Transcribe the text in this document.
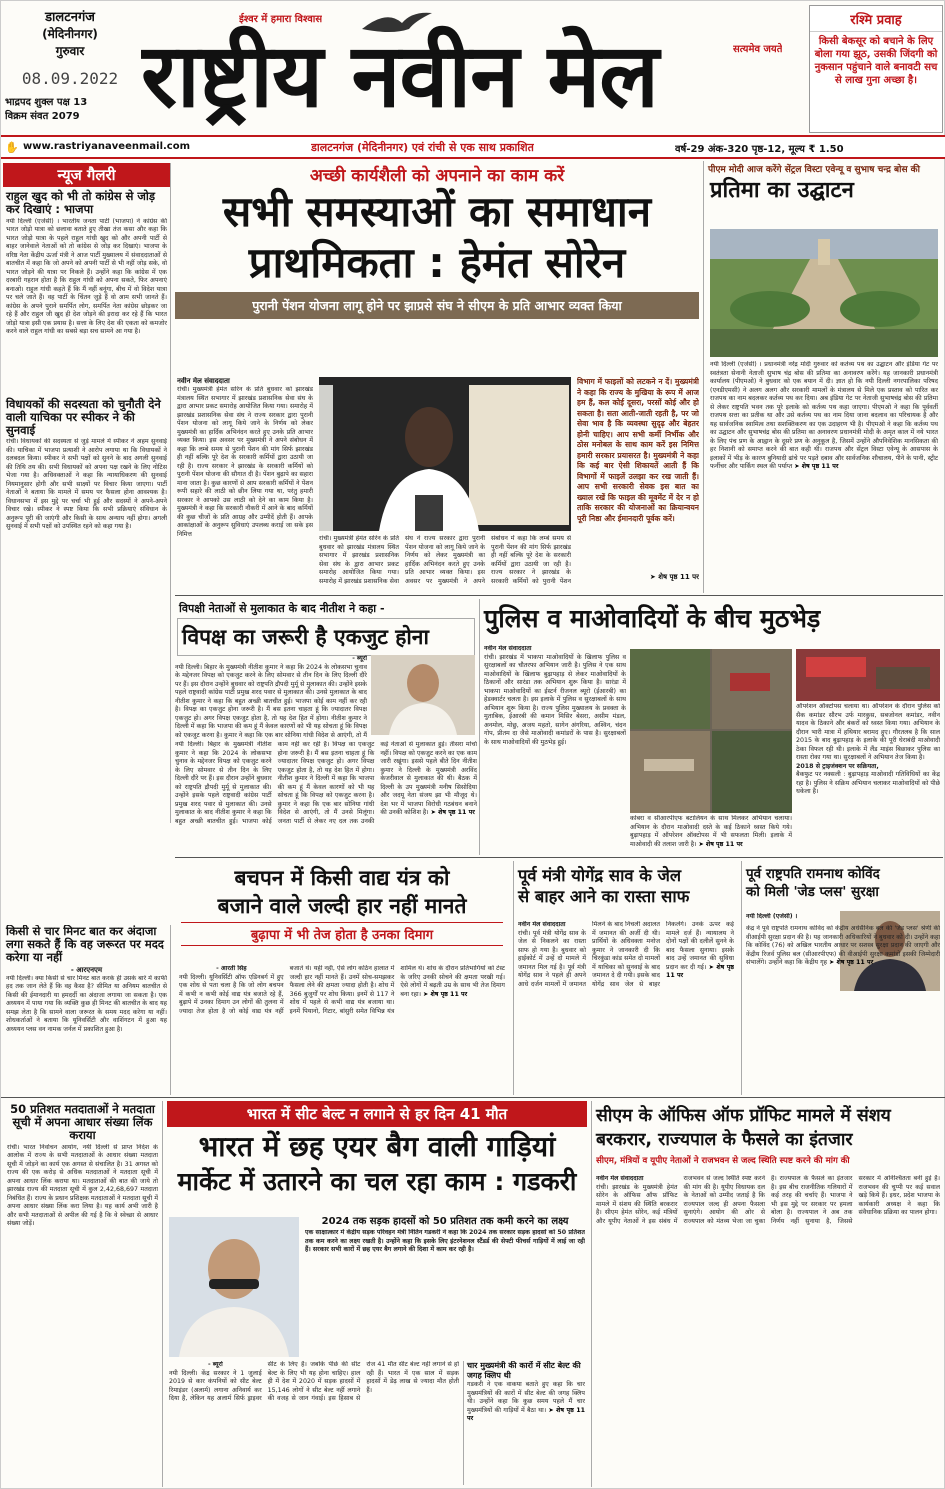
डालटनगंज
(मेदिनीनगर)
गुरुवार
08.09.2022
भाद्रपद शुक्ल पक्ष 13
विक्रम संवत 2079
ईश्वर में हमारा विश्वास
राष्ट्रीय नवीन मेल	सत्यमेव जयते
रश्मि प्रवाह
किसी बेकसूर को बचाने के लिए बोला गया झूठ, उसकी जिंदगी को नुकसान पहुंचाने वाले बनावटी सच से लाख गुना अच्छा है।
✋ www.rastriyanaveenmail.com	डालटनगंज (मेदिनीनगर) एवं रांची से एक साथ प्रकाशित	वर्ष-29 अंक-320 पृष्ठ-12, मूल्य ₹ 1.50
न्यूज गैलरी
राहुल खुद को भी तो कांग्रेस से जोड़ कर दिखाएं : भाजपा
नयी दिल्ली (एजेंसी) । भारतीय जनता पार्टी (भाजपा) ने कांग्रेस की भारत जोड़ो यात्रा को छलावा बताते हुए तीखा तंज कसा और कहा कि भारत जोड़ो यात्रा के पहले राहुल गांधी खुद को और अपनी पार्टी से बाहर जानेवाले नेताओं को तो कांग्रेस से जोड़ कर दिखाएं। भाजपा के वरिष्ठ नेता केंद्रीय ऊर्जा मंत्री ने आज पार्टी मुख्यालय में संवाददाताओं से बातचीत में कहा कि जो अपने को अपनी पार्टी से भी नहीं जोड़ सके, वो भारत जोड़ने की यात्रा पर निकले हैं। उन्होंने कहा कि कांग्रेस में एक दरबारी गहरान होता है कि राहुल गांधी को अपना सकते, फिर अपनाएं बनाओ। राहुल गांधी कहते हैं कि मैं नहीं बनूंगा, बीच में वो विदेश यात्रा पर चले जाते हैं। वह पार्टी के चिंतन जुड़े हैं वो आम सभी जानते हैं। कांग्रेस के अपने पुराने समर्पित लोग, समर्पित नेता कांग्रेस छोड़कर जा रहे हैं और राहुल जी खुद ही देश जोड़ने की इरादा कर रहे हैं कि भारत जोड़ो यात्रा इसी एक प्रयास है। सत्ता के लिए देश की एकता को कमजोर करने वाले राहुल गांधी का सबसे बड़ा सच सामने आ गया है।
विधायकों की सदस्यता को चुनौती देने वाली याचिका पर स्पीकर ने की सुनवाई
रांची। विधायकों की सदस्यता से जुड़े मामले में स्पीकर ने अहम सुनवाई की। याचिका में भाजपा प्रत्याशी ने आरोप लगाया था कि विधायकों ने दलबदल किया। स्पीकर ने सभी पक्षों को सुनने के बाद अगली सुनवाई की तिथि तय की। सभी विधायकों को अपना पक्ष रखने के लिए नोटिस भेजा गया है। अधिवक्ताओं ने कहा कि न्यायाधिकरण की सुनवाई नियमानुसार होगी और सभी साक्ष्यों पर विचार किया जाएगा। पार्टी नेताओं ने बताया कि मामले में समय पर फैसला होना आवश्यक है। विधानसभा में इस मुद्दे पर चर्चा भी हुई और सदस्यों ने अपने-अपने विचार रखे। स्पीकर ने स्पष्ट किया कि सभी प्रक्रियाएं संविधान के अनुरूप पूरी की जाएंगी और किसी के साथ अन्याय नहीं होगा। अगली सुनवाई में सभी पक्षों को उपस्थित रहने को कहा गया है।
किसी से चार मिनट बात कर अंदाजा लगा सकते हैं कि वह जरूरत पर मदद करेगा या नहीं
- आरएनएम
नयी दिल्ली। क्या किसी से चार मिनट बात करके ही उसके बारे में काफी हद तक जान लेते हैं कि वह कैसा है? सीमित या अनियम बातचीत से किसी की ईमानदारी या हमदर्दी का अंदाजा लगाया जा सकता है। एक अध्ययन में पाया गया कि व्यक्ति कुछ ही मिनट की बातचीत के बाद यह समझ लेता है कि सामने वाला जरूरत के समय मदद करेगा या नहीं। शोधकर्ताओं ने बताया कि यूनिवर्सिटी और वाशिंगटन में हुआ यह अध्ययन प्लस वन नामक जर्नल में प्रकाशित हुआ है।
अच्छी कार्यशैली को अपनाने का काम करें
सभी समस्याओं का समाधान
प्राथमिकता : हेमंत सोरेन
पुरानी पेंशन योजना लागू होने पर झाप्रसे संघ ने सीएम के प्रति आभार व्यक्त किया
नवीन मेल संवाददाता
रांची। मुख्यमंत्री हेमंत सोरेन के प्रति बुधवार को झारखंड मंत्रालय स्थित सभागार में झारखंड प्रशासनिक सेवा संघ के द्वारा आभार प्रकट समारोह आयोजित किया गया। समारोह में झारखंड प्रशासनिक सेवा संघ ने राज्य सरकार द्वारा पुरानी पेंशन योजना को लागू किये जाने के निर्णय को लेकर मुख्यमंत्री का हार्दिक अभिनंदन करते हुए उनके प्रति आभार व्यक्त किया। इस अवसर पर मुख्यमंत्री ने अपने संबोधन में कहा कि लम्बे समय से पुरानी पेंशन की मांग सिर्फ झारखंड ही नहीं बल्कि पूरे देश के सरकारी कर्मियों द्वारा उठायी जा रही है। राज्य सरकार ने झारखंड के सरकारी कर्मियों को पुरानी पेंशन योजना की सौगात दी है। पेंशन बुढ़ापे का सहारा माना जाता है। कुछ कारणों से आप सरकारी कर्मियों ने पेंशन रूपी सहारे की लाठी को छीन लिया गया था, परंतु हमारी सरकार ने आपको उस लाठी को देने का काम किया है। मुख्यमंत्री ने कहा कि सरकारी नौकरी में आने के बाद कर्मियों की कुछ चीजों के प्रति आग्रह और उम्मीदें होती हैं। आपके आकांक्षाओं के अनुरूप सुविधाएं उपलब्ध कराई जा सके इस निमित्त
रांची। मुख्यमंत्री हेमंत सोरेन के प्रति बुधवार को झारखंड मंत्रालय स्थित सभागार में झारखंड प्रशासनिक सेवा संघ के द्वारा आभार प्रकट समारोह आयोजित किया गया। समारोह में झारखंड प्रशासनिक सेवा संघ ने राज्य सरकार द्वारा पुरानी पेंशन योजना को लागू किये जाने के निर्णय को लेकर मुख्यमंत्री का हार्दिक अभिनंदन करते हुए उनके प्रति आभार व्यक्त किया। इस अवसर पर मुख्यमंत्री ने अपने संबोधन में कहा कि लम्बे समय से पुरानी पेंशन की मांग सिर्फ झारखंड ही नहीं बल्कि पूरे देश के सरकारी कर्मियों द्वारा उठायी जा रही है। राज्य सरकार ने झारखंड के सरकारी कर्मियों को पुरानी पेंशन
विभाग में फाइलों को लटकने न दें। मुख्यमंत्री ने कहा कि राज्य के मुखिया के रूप में आज हम हैं, कल कोई दूसरा, परसों कोई और हो सकता है। सता आती-जाती रहती है, पर जो सेवा भाव है कि व्यवस्था सुदृढ़ और बेहतर होनी चाहिए। आप सभी कर्मी निर्भीक और ठोस मनोबल के साथ काम करें इस निमित्त हमारी सरकार प्रयासरत है। मुख्यमंत्री ने कहा कि कई बार ऐसी शिकायतें आती हैं कि विभागों में फाइलें उलझा कर रख जाती हैं। आप सभी सरकारी सेवक इस बात का ख्याल रखें कि फाइल की मूवमेंट में देर न हो ताकि सरकार की योजनाओं का क्रियान्वयन पूरी निष्ठा और ईमानदारी पूर्वक करें।
➤ शेष पृष्ठ 11 पर
पीएम मोदी आज करेंगे सेंट्रल विस्टा एवेन्यू व सुभाष चन्द्र बोस की
प्रतिमा का उद्घाटन
नयी दिल्ली (एजेंसी) । प्रधानमंत्री नरेंद्र मोदी गुरुवार को कर्तव्य पथ का उद्घाटन और इंडिया गेट पर स्वतंत्रता सेनानी नेताजी सुभाष चंद्र बोस की प्रतिमा का अनावरण करेंगे। यह जानकारी प्रधानमंत्री कार्यालय (पीएमओ) ने बुधवार को एक बयान में दी। ज्ञात हो कि नयी दिल्ली नगरपालिका परिषद (एनडीएमसी) ने अलग अलग और सरकारी मामलों के मंत्रालय से मिले एक प्रस्ताव को पारित कर राजपथ का नाम बदलकर कर्तव्य पथ कर दिया। अब इंडिया गेट पर नेताजी सुभाषचंद्र बोस की प्रतिमा से लेकर राष्ट्रपति भवन तक पूरे इलाके को कर्तव्य पथ कहा जाएगा। पीएमओ ने कहा कि पूर्ववर्ती राजपथ सत्ता का प्रतीक था और उसे कर्तव्य पथ का नाम दिया जाना बदलाव का परिचायक है और यह सार्वजनिक स्वामित्व तथा सशक्तिकरण का एक उदाहरण भी है। पीएमओ ने कहा कि कर्तव्य पथ का उद्घाटन और सुभाषचंद्र बोस की प्रतिमा का अनावरण प्रधानमंत्री मोदी के अमृत काल में नये भारत के लिए पंच प्रण के आह्वान के दूसरे प्रण के अनुकूल है, जिसमें उन्होंने औपनिवेशिक मानसिकता की हर निशानी को समाप्त करने की बात कही थी। राजपथ और सेंट्रल विस्टा एवेन्यू के आसपास के इलाकों में भीड़ के कारण बुनियादी ढांचे पर पड़ते दबाव और सार्वजनिक शौचालय, पीने के पानी, स्ट्रीट फर्नीचर और पार्किंग स्थल की पर्याप्त ➤ शेष पृष्ठ 11 पर
विपक्षी नेताओं से मुलाकात के बाद नीतीश ने कहा -
विपक्ष का जरूरी है एकजुट होना
- ब्यूरो
नयी दिल्ली। बिहार के मुख्यमंत्री नीतीश कुमार ने कहा कि 2024 के लोकसभा चुनाव के मद्देनजर विपक्ष को एकजुट करने के लिए सोमवार से तीन दिन के लिए दिल्ली दौरे पर हैं। इस दौरान उन्होंने बुधवार को राष्ट्रपति द्रौपदी मुर्मू से मुलाकात की। उन्होंने इसके पहले राष्ट्रवादी कांग्रेस पार्टी प्रमुख शरद पवार से मुलाकात की। उनसे मुलाकात के बाद नीतीश कुमार ने कहा कि बहुत अच्छी बातचीत हुई। भाजपा कोई काम नहीं कर रही है। विपक्ष का एकजुट होना जरूरी है। मैं बस इतना चाहता हूं कि ज्यादातर विपक्ष एकजुट हो। अगर विपक्ष एकजुट होता है, तो यह देश हित में होगा। नीतीश कुमार ने दिल्ली में कहा कि भाजपा की कम हूं मैं केवल कारणों को भी यह सोचता हूं कि विपक्ष को एकजुट करना है। कुमार ने कहा कि एक बार सोनिया गांधी विदेश से आएंगी, तो मैं
नयी दिल्ली। बिहार के मुख्यमंत्री नीतीश कुमार ने कहा कि 2024 के लोकसभा चुनाव के मद्देनजर विपक्ष को एकजुट करने के लिए सोमवार से तीन दिन के लिए दिल्ली दौरे पर हैं। इस दौरान उन्होंने बुधवार को राष्ट्रपति द्रौपदी मुर्मू से मुलाकात की। उन्होंने इसके पहले राष्ट्रवादी कांग्रेस पार्टी प्रमुख शरद पवार से मुलाकात की। उनसे मुलाकात के बाद नीतीश कुमार ने कहा कि बहुत अच्छी बातचीत हुई। भाजपा कोई काम नहीं कर रही है। विपक्ष का एकजुट होना जरूरी है। मैं बस इतना चाहता हूं कि ज्यादातर विपक्ष एकजुट हो। अगर विपक्ष एकजुट होता है, तो यह देश हित में होगा। नीतीश कुमार ने दिल्ली में कहा कि भाजपा की कम हूं मैं केवल कारणों को भी यह सोचता हूं कि विपक्ष को एकजुट करना है। कुमार ने कहा कि एक बार सोनिया गांधी विदेश से आएंगी, तो मैं उनसे मिलूंगा। जनता पार्टी से लेकर नए दल तक उनकी कई नेताओं से मुलाकात हुई। तीसरा मोर्चा नहीं। विपक्ष को एकजुट करने का एक काम जारी रखूंगा। इससे पहले बीते दिन नीतीश कुमार ने दिल्ली के मुख्यमंत्री अरविंद केजरीवाल से मुलाकात की थी। बैठक में दिल्ली के उप मुख्यमंत्री मनीष सिसोदिया और जदयू नेता संजय झा भी मौजूद थे। देश भर में भाजपा विरोधी गठबंधन बनाने की उनकी कोशिश है। ➤ शेष पृष्ठ 11 पर
पुलिस व माओवादियों के बीच मुठभेड़
नवीन मेल संवाददाता
रांची। झारखंड में भाकपा माओवादियों के खिलाफ पुलिस व सुरक्षाबलों का चौतरफा अभियान जारी है। पुलिस ने एक साथ माओवादियों के खिलाफ बुढ़ापहाड़ से लेकर माओवादियों के ठिकानों और सारंडा तक अभियान शुरू किया है। सारंडा में भाकपा माओवादियों का ईस्टर्न रीजनल ब्यूरो (ईआरबी) का हेडक्वार्टर चलता है। इस इलाके में पुलिस व सुरक्षाबलों के साथ अभियान शुरू किया है। राज्य पुलिस मुख्यालय के प्रवक्ता के मुताबिक, ईआरबी की कमान मिसिर बेसरा, असीम मंडल, अनमोल, मोछु, अजय महतो, सागेन अंगरिया, अश्विन, चंदन गोप, प्रीतम दा जैसे माओवादी कमांडरों के पास है। सुरक्षाबलों के साथ माओवादियों की मुठभेड़ हुई।
ऑपरेशन ऑक्टोपस चलाया था। ऑपरेशन के दौरान पुलिस को सैक कमांडर सौरभ उर्फ मारकुस, सबजोनल कमांडर, नवीन यादव के ठिकाने और बंकरों को ध्वस्त किया गया। अभियान के दौरान भारी मात्रा में हथियार बरामद हुए। गौरतलब है कि साल 2015 के बाद बुढ़ापहाड़ के इलाके की पूरी घेराबंदी माओवादी ठेका विफल रही थी। इलाके में लैंड माइंस बिछाकर पुलिस का रास्ता रोका गया था। सुरक्षाबलों ने अभियान तेज किया है।
2018 से ट्राइजंक्शन पर सक्रियता,
बैकफुट पर नक्सली : बुढ़ापहाड़ माओवादी गतिविधियों का केंद्र रहा है। पुलिस ने सक्रिय अभियान चलाकर माओवादियों को पीछे धकेला है।
कोबरा व सीआरपीएफ बटालियन के साथ मिलकर अभियान चलाया। अभियान के दौरान माओवादी दस्ते के कई ठिकाने ध्वस्त किये गये। बुढ़ापहाड़ में ऑपरेशन ऑक्टोपस में भी सफलता मिली। इलाके में माओवादी की तलाश जारी है। ➤ शेष पृष्ठ 11 पर
बचपन में किसी वाद्य यंत्र को
बजाने वाले जल्दी हार नहीं मानते
बुढ़ापा में भी तेज होता है उनका दिमाग
- आरती सिंह
नयी दिल्ली। यूनिवर्सिटी ऑफ एडिनबर्ग में हुए एक शोध से पता चला है कि जो लोग बचपन में कभी न कभी कोई वाद्य यंत्र बजाते रहे हैं, बुढ़ापे में उनका दिमाग उन लोगों की तुलना में ज्यादा तेज होता है जो कोई वाद्य यंत्र नहीं बजाते थे। यही नहीं, ऐसे लोग कठिन हालात में जल्दी हार नहीं मानते हैं। उनमें सोच-समझकर फैसला लेने की क्षमता ज्यादा होती है। शोध में 366 बुजुर्गों पर शोध किया। इनमें से 117 ने शोध में पहले से कभी वाद्य यंत्र बजाया था। इनमें पियानो, गिटार, बांसुरी समेत विभिन्न यंत्र शामिल थे। शोध के दौरान प्रतिभागियों को टेस्ट के जरिए उनकी सोचने की क्षमता परखी गई। ऐसे लोगों में बढ़ती उम्र के साथ भी तेज दिमाग बना रहा। ➤ शेष पृष्ठ 11 पर
पूर्व मंत्री योगेंद्र साव के जेल
से बाहर आने का रास्ता साफ
नवीन मेल संवाददाता
रांची। पूर्व मंत्री योगेंद्र साव के जेल से निकलने का रास्ता साफ हो गया है। बुधवार को हाईकोर्ट में उन्हें दो मामले में जमानत मिल गई है। पूर्व मंत्री योगेंद्र साव ने पहले ही अपने आधे दर्जन मामलों में जमानत मिलने के बाद निचली अदालत में जमानत की अर्जी दी थी। प्रार्थियों के अधिवक्ता मनोज कुमार ने जानकारी दी कि चिरकुंडा कांड समेत दो मामलों में याचिका को सुनवाई के बाद जमानत दे दी गयी। इसके बाद योगेंद्र साव जेल से बाहर निकलेंगे। उनके ऊपर कई मामले दर्ज हैं। न्यायालय ने दोनों पक्षों की दलीलें सुनने के बाद फैसला सुनाया। इसके बाद उन्हें जमानत की सुविधा प्रदान कर दी गई। ➤ शेष पृष्ठ 11 पर
पूर्व राष्ट्रपति रामनाथ कोविंद
को मिली 'जेड प्लस' सुरक्षा
नयी दिल्ली (एजेंसी) ।
केंद्र ने पूर्व राष्ट्रपति रामनाथ कोविंद को केंद्रीय अर्धसैनिक बल की 'जेड प्लस' श्रेणी की वीआईपी सुरक्षा प्रदान की है। यह जानकारी अधिकारियों ने बुधवार को दी। उन्होंने कहा कि कोविंद (76) को अखिल भारतीय आधार पर सशस्त्र सुरक्षा प्रदान की जाएगी और केंद्रीय रिजर्व पुलिस बल (सीआरपीएफ) की वीआईपी सुरक्षा कमांडो इसकी जिम्मेदारी संभालेंगे। उन्होंने कहा कि केंद्रीय गृह ➤ शेष पृष्ठ 11 पर
50 प्रतिशत मतदाताओं ने मतदाता सूची में अपना आधार संख्या लिंक कराया
रांची। भारत निर्वाचन आयोग, नयी दिल्ली से प्राप्त निर्देश के आलोक में राज्य के सभी मतदाताओं के आधार संख्या मतदाता सूची में जोड़ने का कार्य एक अगस्त से संचालित है। 31 अगस्त को राज्य की एक करोड़ से अधिक मतदाताओं ने मतदाता सूची में अपना आधार लिंक कराया था। मतदाताओं की बात की जाये तो झारखंड राज्य की मतदाता सूची में कुल 2,42,68,697 मतदाता निबंधित हैं। राज्य के प्रधान प्रशिक्षक मतदाताओं ने मतदाता सूची में अपना आधार संख्या लिंक करा लिया है। यह कार्य अभी जारी है और सभी मतदाताओं से अपील की गई है कि वे स्वेच्छा से आधार संख्या जोड़ें।
भारत में सीट बेल्ट न लगाने से हर दिन 41 मौत
भारत में छह एयर बैग वाली गाड़ियां
मार्केट में उतारने का चल रहा काम : गडकरी
2024 तक सड़क हादसों को 50 प्रतिशत तक कमी करने का लक्ष्य
एक साक्षात्कार में केंद्रीय सड़क परिवहन मंत्री नितिन गडकरी ने कहा कि 2024 तक सरकार सड़क हादसों को 50 प्रतिशत तक कम करने का लक्ष्य रखती है। उन्होंने कहा कि इसके लिए इंटरनेशनल स्टैंडर्ड की सेफ्टी फीचर्स गाड़ियों में लाई जा रही हैं। सरकार सभी कारों में छह एयर बैग लगाने की दिशा में काम कर रही है।
- ब्यूरो
नयी दिल्ली। केंद्र सरकार ने 1 जुलाई 2019 से कार कंपनियों को सीट बेल्ट रिमाइंडर (अलार्म) लगाना अनिवार्य कर दिया है, लेकिन यह अलार्म सिर्फ ड्राइवर सीट के लिए है। जबकि पीछे की सीट बेल्ट के लिए भी यह होना चाहिए। हाल ही में देश में 2020 में सड़क हादसों में 15,146 लोगों ने सीट बेल्ट नहीं लगाने की वजह से जान गंवाई। इस हिसाब से रोज 41 मौत सीट बेल्ट नहीं लगाने से हो रही हैं। भारत में एक साल में सड़क हादसों में डेढ़ लाख से ज्यादा मौत होती हैं।
चार मुख्यमंत्री की कारों में सीट बेल्ट की जगह क्लिप थी
गडकरी ने एक वाकया बताते हुए कहा कि चार मुख्यमंत्रियों की कारों में सीट बेल्ट की जगह क्लिप थी। उन्होंने कहा कि कुछ समय पहले मैं चार मुख्यमंत्रियों की गाड़ियों में बैठा था। ➤ शेष पृष्ठ 11 पर
सीएम के ऑफिस ऑफ प्रॉफिट मामले में संशय
बरकरार, राज्यपाल के फैसले का इंतजार
सीएम, मंत्रियों व यूपीए नेताओं ने राजभवन से जल्द स्थिति स्पष्ट करने की मांग की
नवीन मेल संवाददाता
रांची। झारखंड के मुख्यमंत्री हेमंत सोरेन के ऑफिस ऑफ प्रॉफिट मामले में संशय की स्थिति बरकरार है। सीएम हेमंत सोरेन, कई मंत्रियों और यूपीए नेताओं ने इस संबंध में राजभवन से जल्द स्थिति स्पष्ट करने की मांग की है। यूपीए विधायक दल के नेताओं को उम्मीद जताई है कि राज्यपाल जल्द ही अपना फैसला सुनाएंगे। आयोग की ओर से राज्यपाल को मंतव्य भेजा जा चुका है। राज्यपाल के फैसले का इंतजार है। इस बीच राजनीतिक गलियारों में कई तरह की चर्चाएं हैं। भाजपा ने भी इस मुद्दे पर सरकार पर हमला बोला है। राज्यपाल ने अब तक निर्णय नहीं सुनाया है, जिससे सरकार में अनिश्चितता बनी हुई है। राजभवन की चुप्पी पर कई सवाल खड़े किये हैं। इधर, प्रदेश भाजपा के कार्यकारी अध्यक्ष ने कहा कि संवैधानिक प्रक्रिया का पालन होगा।
